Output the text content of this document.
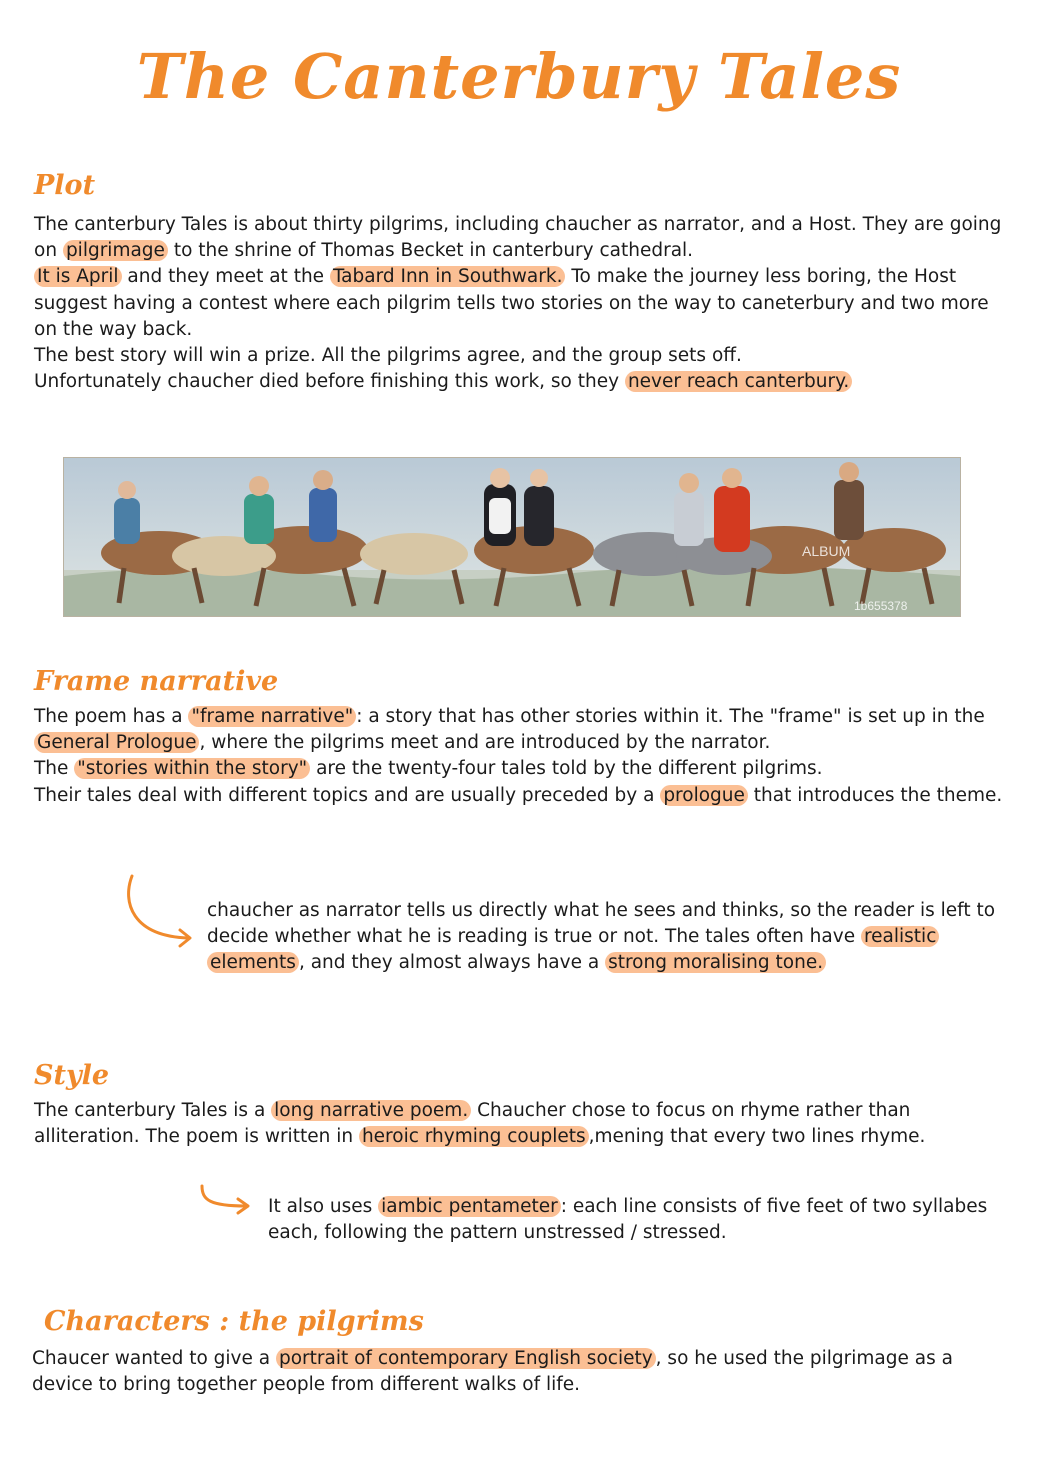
The Canterbury Tales
Plot

The canterbury Tales is about thirty pilgrims, including chaucher as narrator, and a Host. They are going on pilgrimage to the shrine of Thomas Becket in canterbury cathedral.
It is April and they meet at the Tabard Inn in Southwark. To make the journey less boring, the Host suggest having a contest where each pilgrim tells two stories on the way to caneterbury and two more on the way back.
The best story will win a prize. All the pilgrims agree, and the group sets off.
Unfortunately chaucher died before finishing this work, so they never reach canterbury.

ALBUM
1b655378
Frame narrative

The poem has a "frame narrative" : a story that has other stories within it. The "frame" is set up in the General Prologue , where the pilgrims meet and are introduced by the narrator.
The "stories within the story" are the twenty-four tales told by the different pilgrims.
Their tales deal with different topics and are usually preceded by a prologue that introduces the theme.

chaucher as narrator tells us directly what he sees and thinks, so the reader is left to decide whether what he is reading is true or not. The tales often have realistic elements , and they almost always have a strong moralising tone.

Style

The canterbury Tales is a long narrative poem. Chaucher chose to focus on rhyme rather than alliteration. The poem is written in heroic rhyming couplets ,mening that every two lines rhyme.

It also uses iambic pentameter : each line consists of five feet of two syllabes each, following the pattern unstressed / stressed.

Characters : the pilgrims

Chaucer wanted to give a portrait of contemporary English society , so he used the pilgrimage as a device to bring together people from different walks of life.
